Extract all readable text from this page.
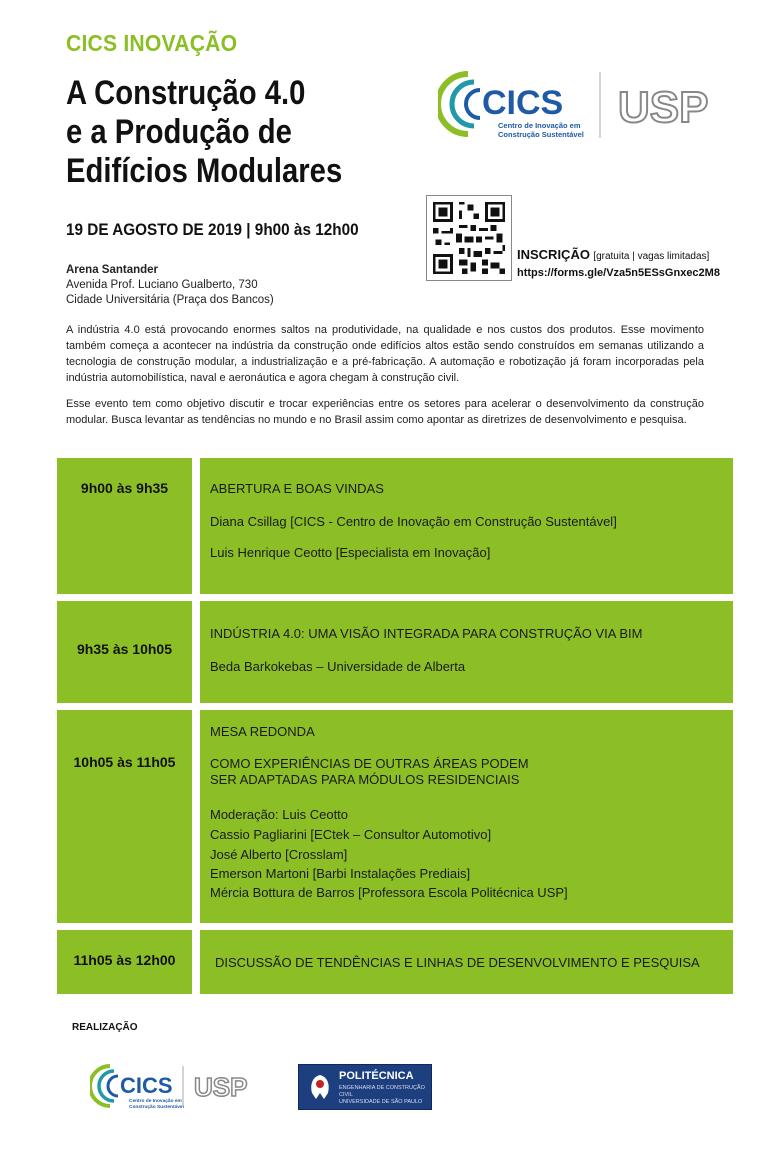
CICS INOVAÇÃO
A Construção 4.0
e a Produção de
Edifícios Modulares
CICS
Centro de Inovação em
Construção Sustentável
USP
19 DE AGOSTO DE 2019 | 9h00 às 12h00
Arena Santander
Avenida Prof. Luciano Gualberto, 730
Cidade Universitária (Praça dos Bancos)
INSCRIÇÃO [gratuita | vagas limitadas]
https://forms.gle/Vza5n5ESsGnxec2M8
A indústria 4.0 está provocando enormes saltos na produtividade, na qualidade e nos custos dos produtos. Esse movimento também começa a acontecer na indústria da construção onde edifícios altos estão sendo construídos em semanas utilizando a tecnologia de construção modular, a industrialização e a pré-fabricação. A automação e robotização já foram incorporadas pela indústria automobilística, naval e aeronáutica e agora chegam à construção civil.
Esse evento tem como objetivo discutir e trocar experiências entre os setores para acelerar o desenvolvimento da construção modular. Busca levantar as tendências no mundo e no Brasil assim como apontar as diretrizes de desenvolvimento e pesquisa.
9h00 às 9h35	ABERTURA E BOAS VINDAS
Diana Csillag [CICS - Centro de Inovação em Construção Sustentável]
Luis Henrique Ceotto [Especialista em Inovação]
9h35 às 10h05
INDÚSTRIA 4.0: UMA VISÃO INTEGRADA PARA CONSTRUÇÃO VIA BIM
Beda Barkokebas – Universidade de Alberta
10h05 às 11h05
MESA REDONDA
COMO EXPERIÊNCIAS DE OUTRAS ÁREAS PODEM
SER ADAPTADAS PARA MÓDULOS RESIDENCIAIS
Moderação: Luis Ceotto
Cassio Pagliarini [ECtek – Consultor Automotivo]
José Alberto [Crosslam]
Emerson Martoni [Barbi Instalações Prediais]
Mércia Bottura de Barros [Professora Escola Politécnica USP]
11h05 às 12h00	DISCUSSÃO DE TENDÊNCIAS E LINHAS DE DESENVOLVIMENTO E PESQUISA
REALIZAÇÃO
CICS
Centro de Inovação em
Construção Sustentável
USP	POLITÉCNICA
ENGENHARIA DE CONSTRUÇÃO CIVIL
UNIVERSIDADE DE SÃO PAULO
